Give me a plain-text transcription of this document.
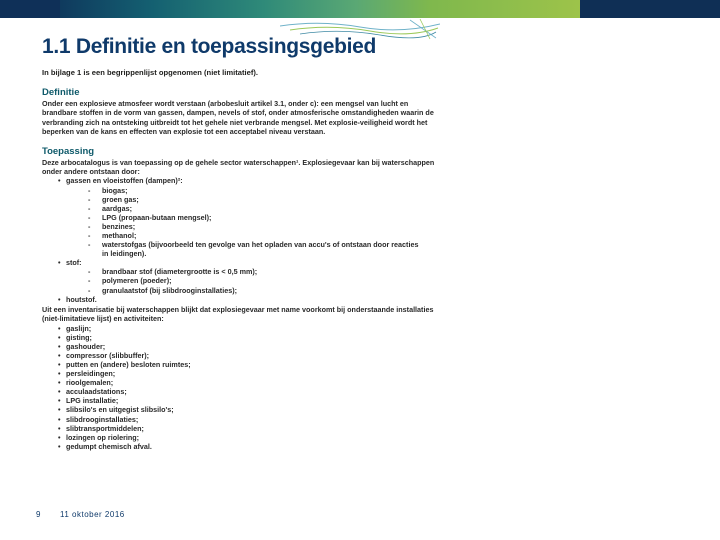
1.1 Definitie en toepassingsgebied
In bijlage 1 is een begrippenlijst opgenomen (niet limitatief).
Definitie

Onder een explosieve atmosfeer wordt verstaan (arbobesluit artikel 3.1, onder c): een mengsel van lucht en brandbare stoffen in de vorm van gassen, dampen, nevels of stof, onder atmosferische omstandigheden waarin de verbranding zich na ontsteking uitbreidt tot het gehele niet verbrande mengsel. Met explosie-veiligheid wordt het beperken van de kans en effecten van explosie tot een acceptabel niveau verstaan.

Toepassing

Deze arbocatalogus is van toepassing op de gehele sector waterschappen¹. Explosiegevaar kan bij waterschappen onder andere ontstaan door:

• gassen en vloeistoffen (dampen)²:
- biogas;
- groen gas;
- aardgas;
- LPG (propaan-butaan mengsel);
- benzines;
- methanol;
- waterstofgas (bijvoorbeeld ten gevolge van het opladen van accu's of ontstaan door reacties
in leidingen).
• stof:
- brandbaar stof (diametergrootte is < 0,5 mm);
- polymeren (poeder);
- granulaatstof (bij slibdrooginstallaties);
• houtstof.

Uit een inventarisatie bij waterschappen blijkt dat explosiegevaar met name voorkomt bij onderstaande installaties (niet-limitatieve lijst) en activiteiten:

• gaslijn;
• gisting;
• gashouder;
• compressor (slibbuffer);
• putten en (andere) besloten ruimtes;
• persleidingen;
• rioolgemalen;
• acculaadstations;
• LPG installatie;
• slibsilo's en uitgegist slibsilo's;
• slibdrooginstallaties;
• slibtransportmiddelen;
• lozingen op riolering;
• gedumpt chemisch afval.
9 11 oktober 2016
